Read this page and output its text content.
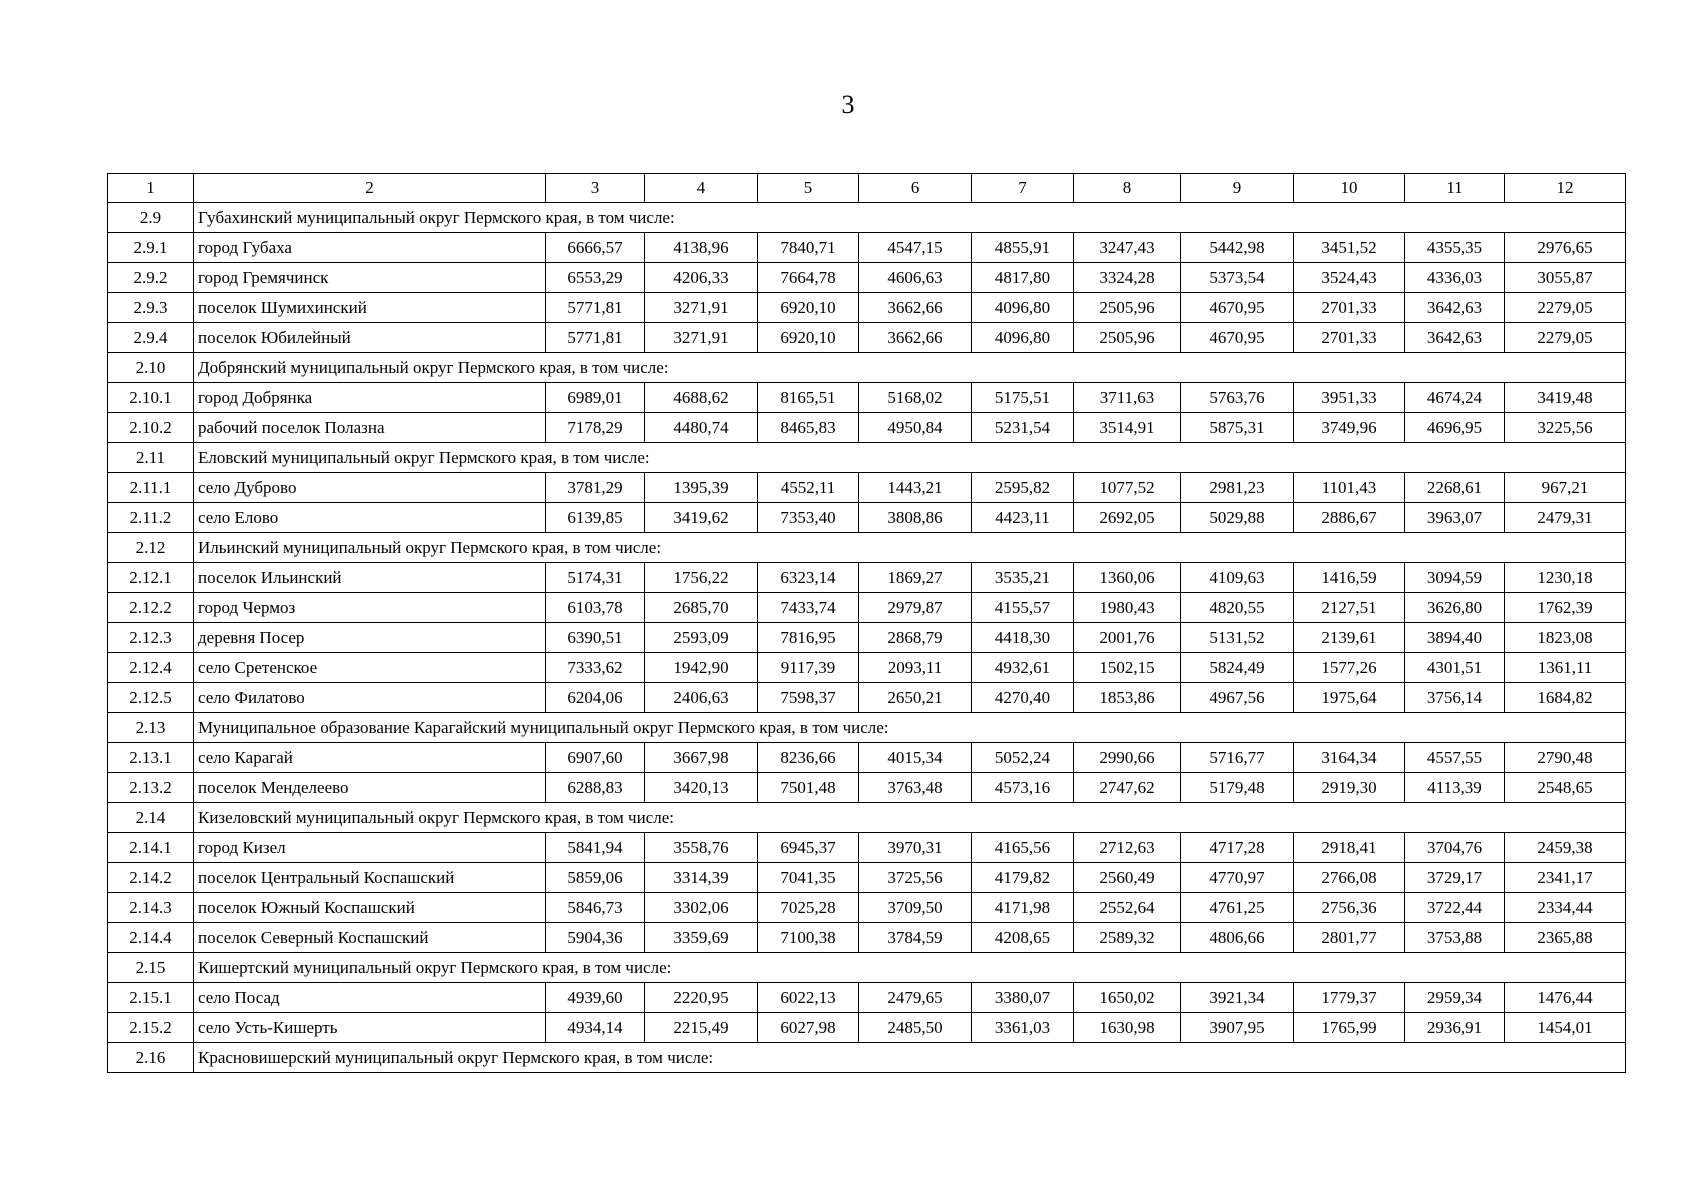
3
1	2	3	4	5	6	7	8	9	10	11	12
2.9	Губахинский муниципальный округ Пермского края, в том числе:										
2.9.1	город Губаха	6666,57	4138,96	7840,71	4547,15	4855,91	3247,43	5442,98	3451,52	4355,35	2976,65
2.9.2	город Гремячинск	6553,29	4206,33	7664,78	4606,63	4817,80	3324,28	5373,54	3524,43	4336,03	3055,87
2.9.3	поселок Шумихинский	5771,81	3271,91	6920,10	3662,66	4096,80	2505,96	4670,95	2701,33	3642,63	2279,05
2.9.4	поселок Юбилейный	5771,81	3271,91	6920,10	3662,66	4096,80	2505,96	4670,95	2701,33	3642,63	2279,05
2.10	Добрянский муниципальный округ Пермского края, в том числе:										
2.10.1	город Добрянка	6989,01	4688,62	8165,51	5168,02	5175,51	3711,63	5763,76	3951,33	4674,24	3419,48
2.10.2	рабочий поселок Полазна	7178,29	4480,74	8465,83	4950,84	5231,54	3514,91	5875,31	3749,96	4696,95	3225,56
2.11	Еловский муниципальный округ Пермского края, в том числе:										
2.11.1	село Дуброво	3781,29	1395,39	4552,11	1443,21	2595,82	1077,52	2981,23	1101,43	2268,61	967,21
2.11.2	село Елово	6139,85	3419,62	7353,40	3808,86	4423,11	2692,05	5029,88	2886,67	3963,07	2479,31
2.12	Ильинский муниципальный округ Пермского края, в том числе:										
2.12.1	поселок Ильинский	5174,31	1756,22	6323,14	1869,27	3535,21	1360,06	4109,63	1416,59	3094,59	1230,18
2.12.2	город Чермоз	6103,78	2685,70	7433,74	2979,87	4155,57	1980,43	4820,55	2127,51	3626,80	1762,39
2.12.3	деревня Посер	6390,51	2593,09	7816,95	2868,79	4418,30	2001,76	5131,52	2139,61	3894,40	1823,08
2.12.4	село Сретенское	7333,62	1942,90	9117,39	2093,11	4932,61	1502,15	5824,49	1577,26	4301,51	1361,11
2.12.5	село Филатово	6204,06	2406,63	7598,37	2650,21	4270,40	1853,86	4967,56	1975,64	3756,14	1684,82
2.13	Муниципальное образование Карагайский муниципальный округ Пермского края, в том числе:										
2.13.1	село Карагай	6907,60	3667,98	8236,66	4015,34	5052,24	2990,66	5716,77	3164,34	4557,55	2790,48
2.13.2	поселок Менделеево	6288,83	3420,13	7501,48	3763,48	4573,16	2747,62	5179,48	2919,30	4113,39	2548,65
2.14	Кизеловский муниципальный округ Пермского края, в том числе:										
2.14.1	город Кизел	5841,94	3558,76	6945,37	3970,31	4165,56	2712,63	4717,28	2918,41	3704,76	2459,38
2.14.2	поселок Центральный Коспашский	5859,06	3314,39	7041,35	3725,56	4179,82	2560,49	4770,97	2766,08	3729,17	2341,17
2.14.3	поселок Южный Коспашский	5846,73	3302,06	7025,28	3709,50	4171,98	2552,64	4761,25	2756,36	3722,44	2334,44
2.14.4	поселок Северный Коспашский	5904,36	3359,69	7100,38	3784,59	4208,65	2589,32	4806,66	2801,77	3753,88	2365,88
2.15	Кишертский муниципальный округ Пермского края, в том числе:										
2.15.1	село Посад	4939,60	2220,95	6022,13	2479,65	3380,07	1650,02	3921,34	1779,37	2959,34	1476,44
2.15.2	село Усть-Кишерть	4934,14	2215,49	6027,98	2485,50	3361,03	1630,98	3907,95	1765,99	2936,91	1454,01
2.16	Красновишерский муниципальный округ Пермского края, в том числе:										
